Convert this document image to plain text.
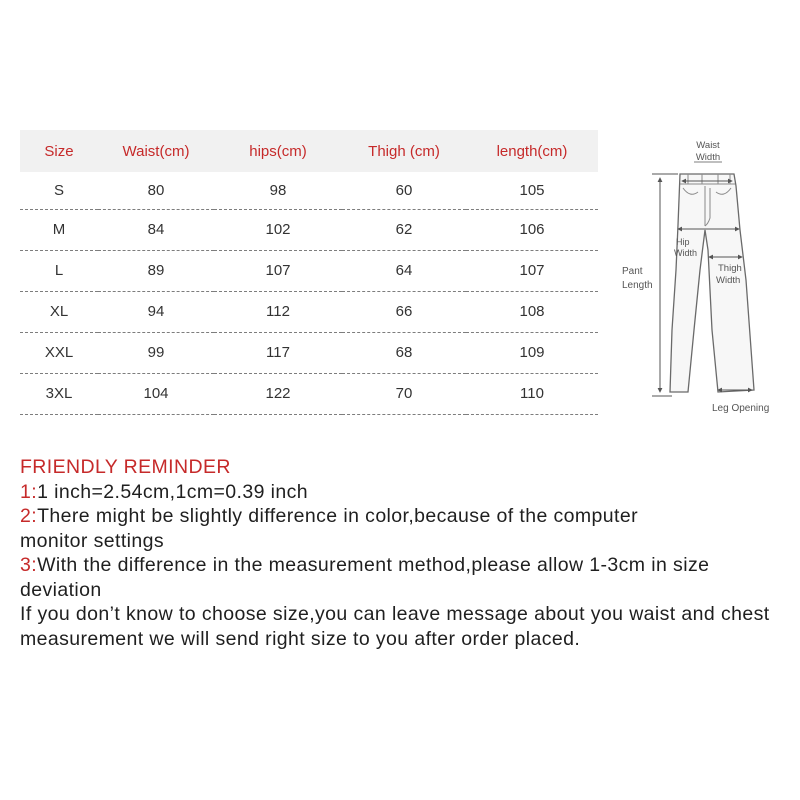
Size	Waist(cm)	hips(cm)	Thigh (cm)	length(cm)
S	80	98	60	105
M	84	102	62	106
L	89	107	64	107
XL	94	112	66	108
XXL	99	117	68	109
3XL	104	122	70	110
Waist
Width
Hip
Width
Thigh
Width
Pant
Length
Leg Opening

FRIENDLY REMINDER

1:1 inch=2.54cm,1cm=0.39 inch

2:There might be slightly difference in color,because of the computer monitor settings

3:With the difference in the measurement method,please allow 1-3cm in size deviation

If you don’t know to choose size,you can leave message about you waist and chest measurement we will send right size to you after order placed.
